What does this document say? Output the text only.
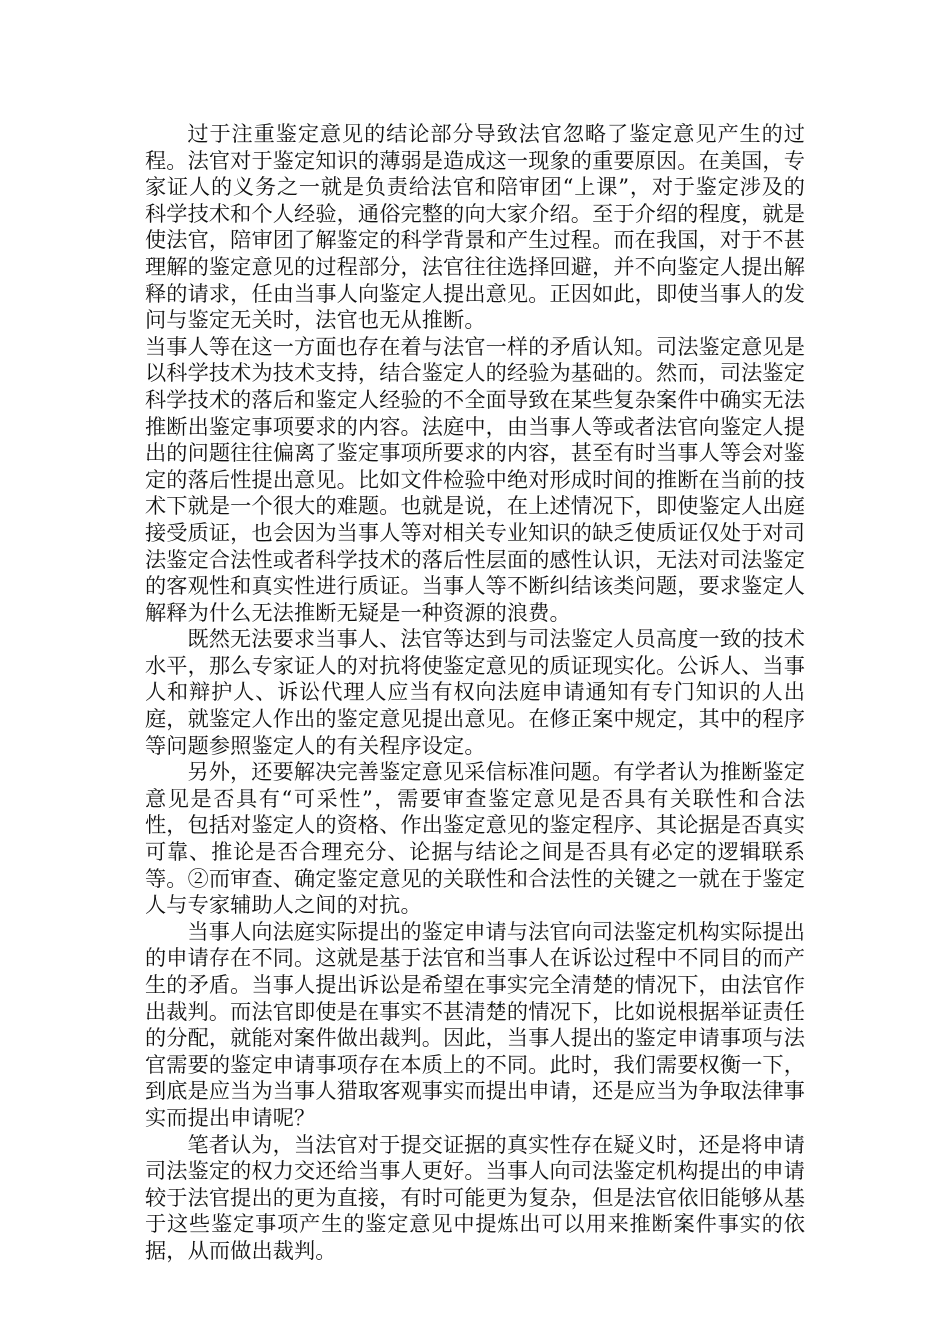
过于注重鉴定意见的结论部分导致法官忽略了鉴定意见产生的过程。法官对于鉴定知识的薄弱是造成这一现象的重要原因。在美国，专家证人的义务之一就是负责给法官和陪审团“上课”，对于鉴定涉及的科学技术和个人经验，通俗完整的向大家介绍。至于介绍的程度，就是使法官，陪审团了解鉴定的科学背景和产生过程。而在我国，对于不甚理解的鉴定意见的过程部分，法官往往选择回避，并不向鉴定人提出解释的请求，任由当事人向鉴定人提出意见。正因如此，即使当事人的发问与鉴定无关时，法官也无从推断。

当事人等在这一方面也存在着与法官一样的矛盾认知。司法鉴定意见是以科学技术为技术支持，结合鉴定人的经验为基础的。然而，司法鉴定科学技术的落后和鉴定人经验的不全面导致在某些复杂案件中确实无法推断出鉴定事项要求的内容。法庭中，由当事人等或者法官向鉴定人提出的问题往往偏离了鉴定事项所要求的内容，甚至有时当事人等会对鉴定的落后性提出意见。比如文件检验中绝对形成时间的推断在当前的技术下就是一个很大的难题。也就是说，在上述情况下，即使鉴定人出庭接受质证，也会因为当事人等对相关专业知识的缺乏使质证仅处于对司法鉴定合法性或者科学技术的落后性层面的感性认识，无法对司法鉴定的客观性和真实性进行质证。当事人等不断纠结该类问题，要求鉴定人解释为什么无法推断无疑是一种资源的浪费。

既然无法要求当事人、法官等达到与司法鉴定人员高度一致的技术水平，那么专家证人的对抗将使鉴定意见的质证现实化。公诉人、当事人和辩护人、诉讼代理人应当有权向法庭申请通知有专门知识的人出庭，就鉴定人作出的鉴定意见提出意见。在修正案中规定，其中的程序等问题参照鉴定人的有关程序设定。

另外，还要解决完善鉴定意见采信标准问题。有学者认为推断鉴定意见是否具有“可采性”，需要审查鉴定意见是否具有关联性和合法性，包括对鉴定人的资格、作出鉴定意见的鉴定程序、其论据是否真实可靠、推论是否合理充分、论据与结论之间是否具有必定的逻辑联系等。②而审查、确定鉴定意见的关联性和合法性的关键之一就在于鉴定人与专家辅助人之间的对抗。

当事人向法庭实际提出的鉴定申请与法官向司法鉴定机构实际提出的申请存在不同。这就是基于法官和当事人在诉讼过程中不同目的而产生的矛盾。当事人提出诉讼是希望在事实完全清楚的情况下，由法官作出裁判。而法官即使是在事实不甚清楚的情况下，比如说根据举证责任的分配，就能对案件做出裁判。因此，当事人提出的鉴定申请事项与法官需要的鉴定申请事项存在本质上的不同。此时，我们需要权衡一下，到底是应当为当事人猎取客观事实而提出申请，还是应当为争取法律事实而提出申请呢？

笔者认为，当法官对于提交证据的真实性存在疑义时，还是将申请司法鉴定的权力交还给当事人更好。当事人向司法鉴定机构提出的申请较于法官提出的更为直接，有时可能更为复杂，但是法官依旧能够从基于这些鉴定事项产生的鉴定意见中提炼出可以用来推断案件事实的依据，从而做出裁判。
